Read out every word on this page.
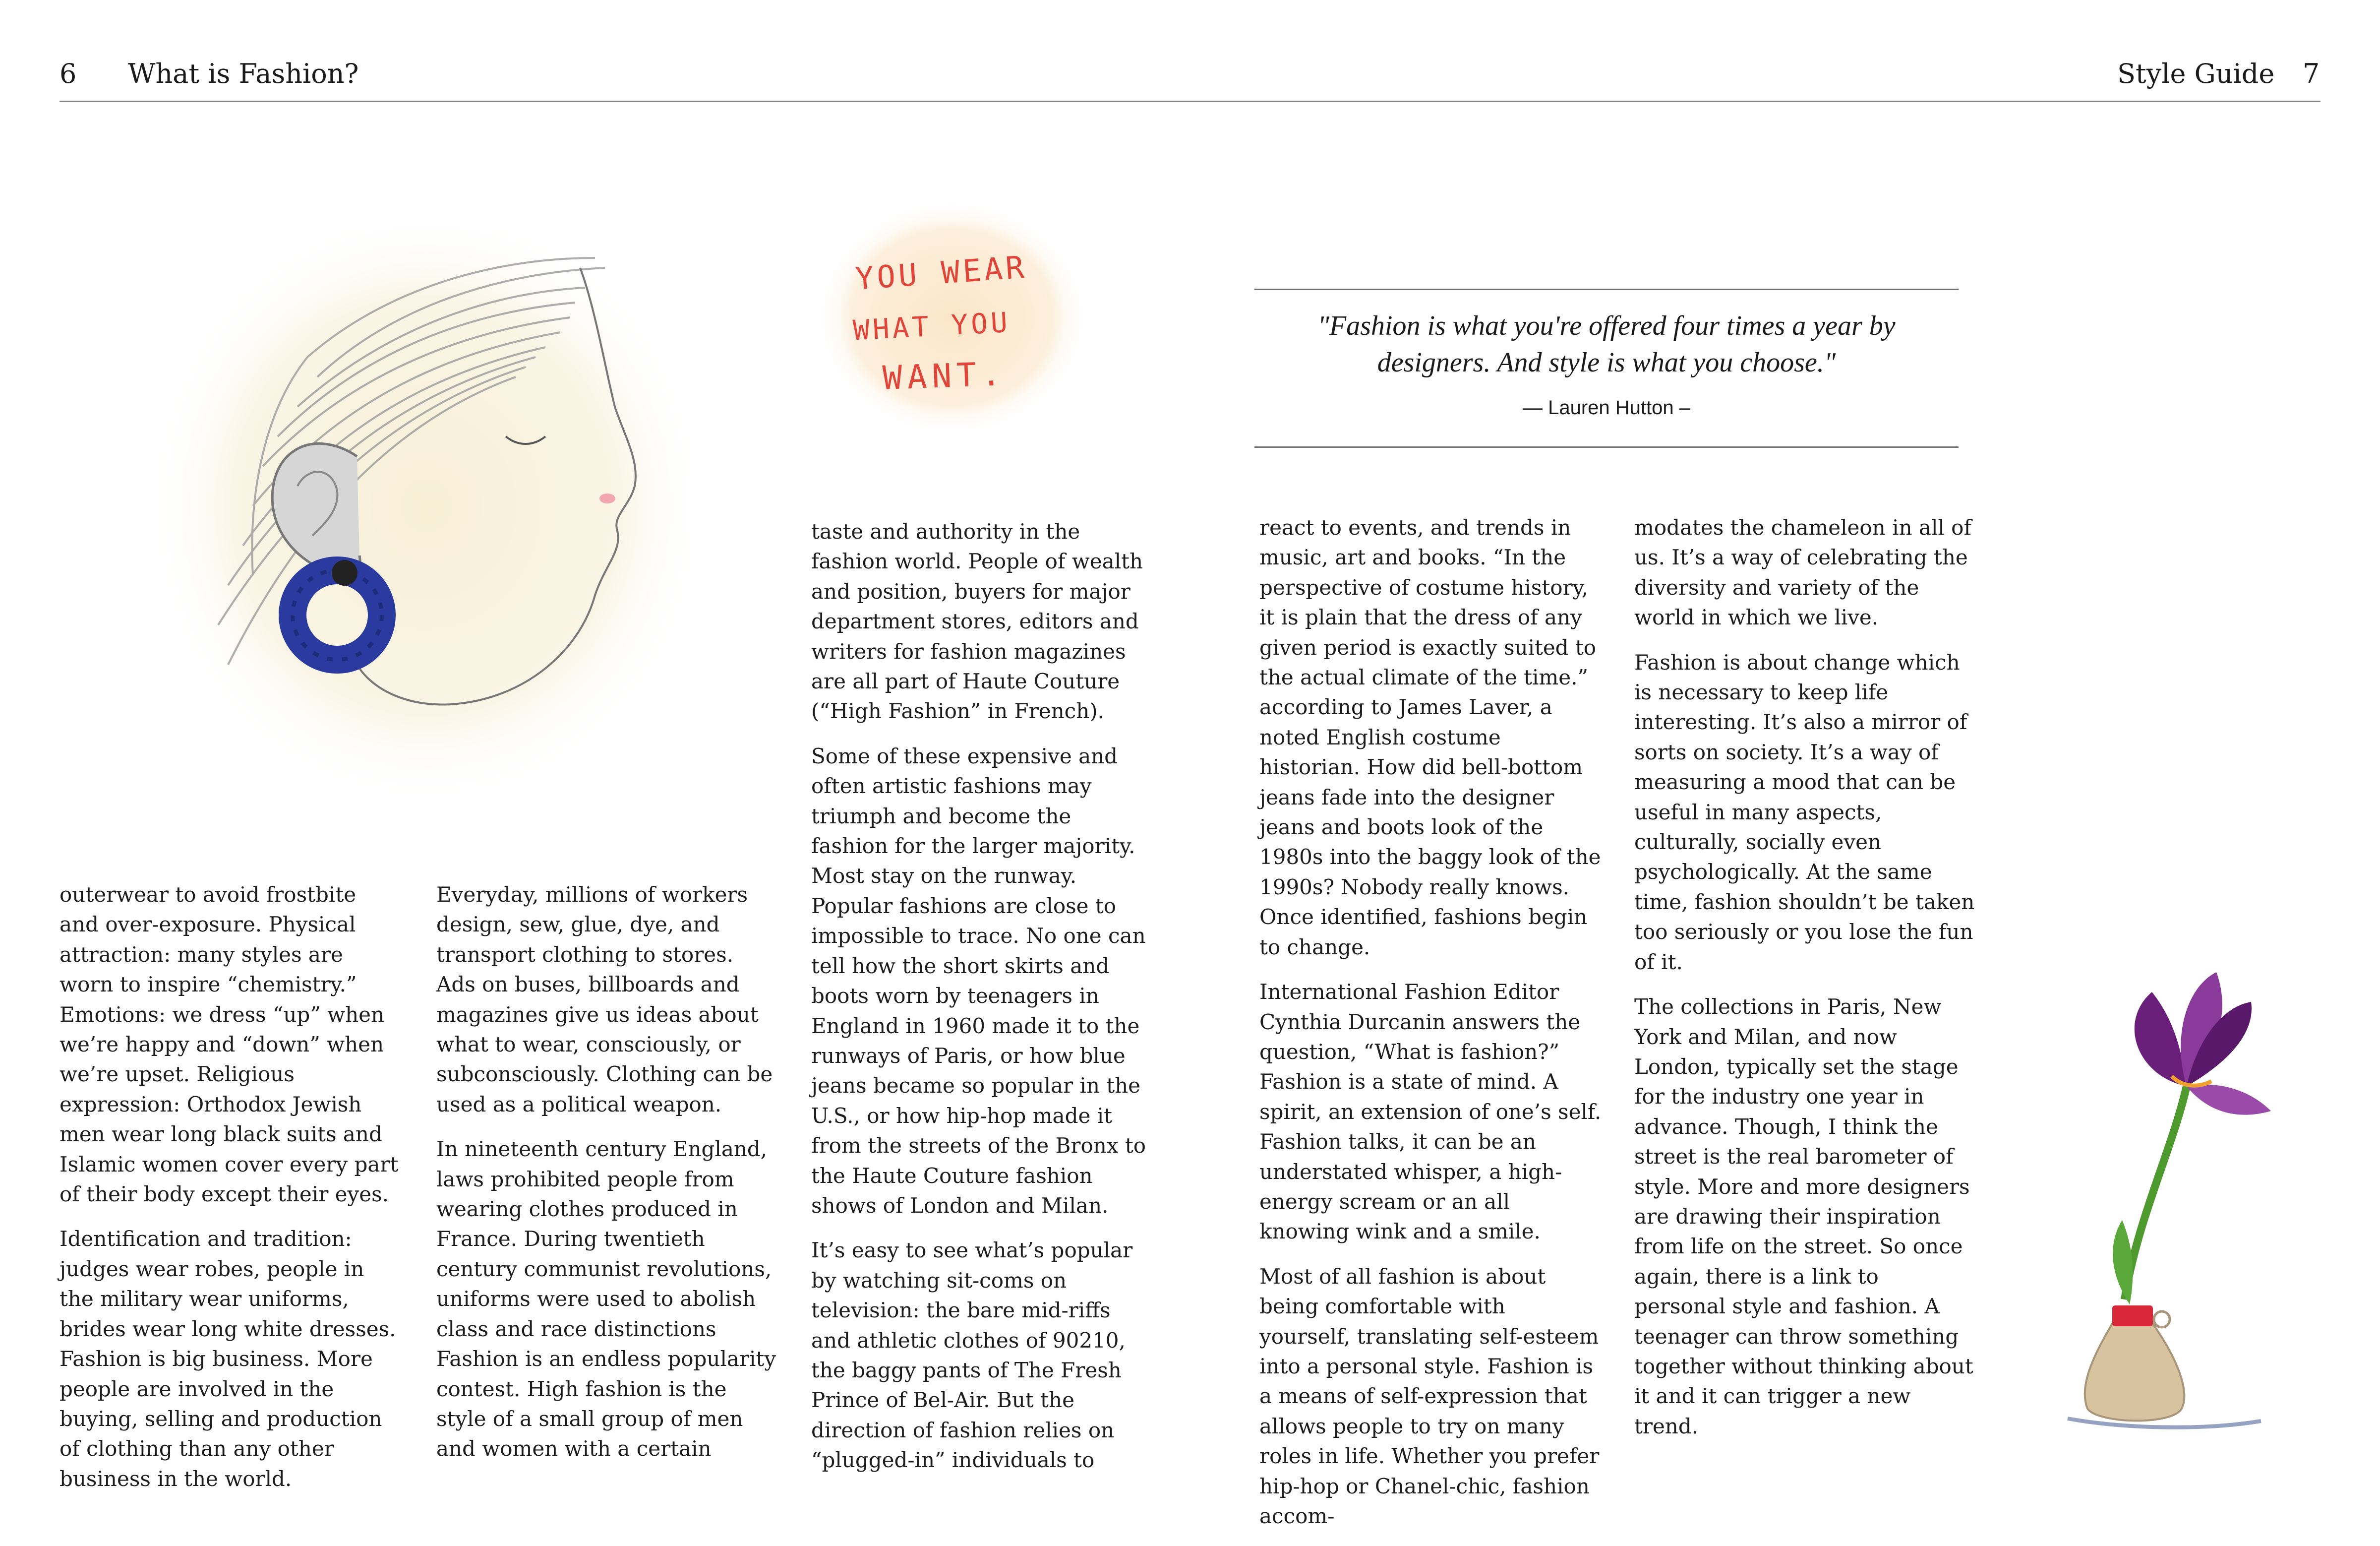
6 What is Fashion?	Style Guide 7
YOU WEAR
WHAT YOU
WANT.
"Fashion is what you're offered four times a year by
designers. And style is what you choose."
— Lauren Hutton –

outerwear to avoid frostbite and over-exposure. Physical attraction: many styles are worn to inspire “chemistry.” Emotions: we dress “up” when we’re happy and “down” when we’re upset. Religious expression: Orthodox Jewish men wear long black suits and Islamic women cover every part of their body except their eyes.

Identification and tradition: judges wear robes, people in the military wear uniforms, brides wear long white dresses. Fashion is big business. More people are involved in the buying, selling and production of clothing than any other business in the world.

Everyday, millions of workers design, sew, glue, dye, and transport clothing to stores. Ads on buses, billboards and magazines give us ideas about what to wear, consciously, or subconsciously. Clothing can be used as a political weapon.

In nineteenth century England, laws prohibited people from wearing clothes produced in France. During twentieth century communist revolutions, uniforms were used to abolish class and race distinctions Fashion is an endless popularity contest. High fashion is the style of a small group of men and women with a certain

taste and authority in the fashion world. People of wealth and position, buyers for major department stores, editors and writers for fashion magazines are all part of Haute Couture (“High Fashion” in French).

Some of these expensive and often artistic fashions may triumph and become the fashion for the larger majority. Most stay on the runway. Popular fashions are close to impossible to trace. No one can tell how the short skirts and boots worn by teenagers in England in 1960 made it to the runways of Paris, or how blue jeans became so popular in the U.S., or how hip-hop made it from the streets of the Bronx to the Haute Couture fashion shows of London and Milan.

It’s easy to see what’s popular by watching sit-coms on television: the bare mid-riffs and athletic clothes of 90210, the baggy pants of The Fresh Prince of Bel-Air. But the direction of fashion relies on “plugged-in” individuals to

react to events, and trends in music, art and books. “In the perspective of costume history, it is plain that the dress of any given period is exactly suited to the actual climate of the time.” according to James Laver, a noted English costume historian. How did bell-bottom jeans fade into the designer jeans and boots look of the 1980s into the baggy look of the 1990s? Nobody really knows. Once identified, fashions begin to change.

International Fashion Editor Cynthia Durcanin answers the question, “What is fashion?” Fashion is a state of mind. A spirit, an extension of one’s self. Fashion talks, it can be an understated whisper, a high-energy scream or an all knowing wink and a smile.

Most of all fashion is about being comfortable with yourself, translating self-esteem into a personal style. Fashion is a means of self-expression that allows people to try on many roles in life. Whether you prefer hip-hop or Chanel-chic, fashion accom-

modates the chameleon in all of us. It’s a way of celebrating the diversity and variety of the world in which we live.

Fashion is about change which is necessary to keep life interesting. It’s also a mirror of sorts on society. It’s a way of measuring a mood that can be useful in many aspects, culturally, socially even psychologically. At the same time, fashion shouldn’t be taken too seriously or you lose the fun of it.

The collections in Paris, New York and Milan, and now London, typically set the stage for the industry one year in advance. Though, I think the street is the real barometer of style. More and more designers are drawing their inspiration from life on the street. So once again, there is a link to personal style and fashion. A teenager can throw something together without thinking about it and it can trigger a new trend.
